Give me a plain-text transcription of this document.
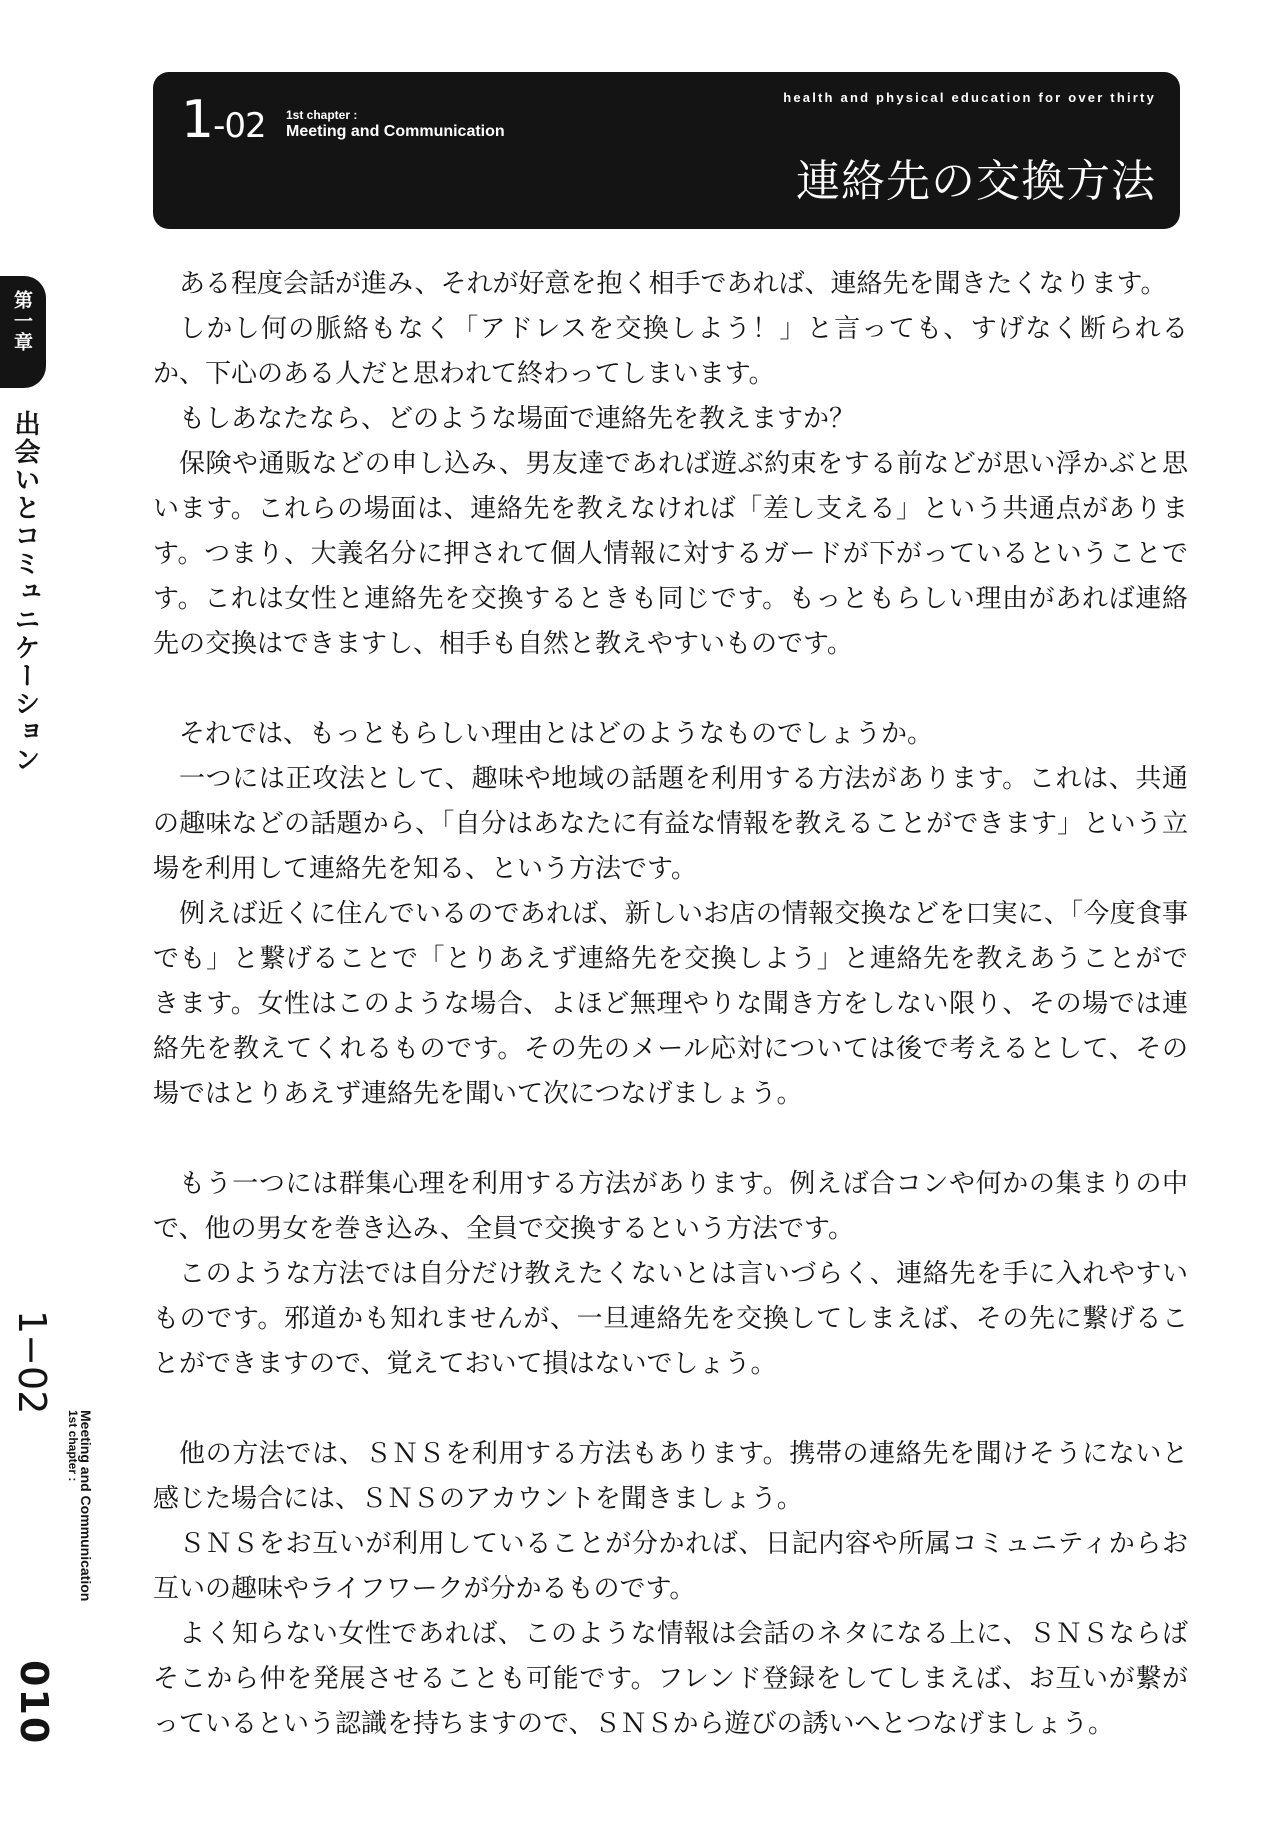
1-02 1st chapter :
Meeting and Communication
health and physical education for over thirty
連絡先の交換方法
第一章
出会いとコミュニケーション
1−02
1st chapter :
Meeting and Communication
010

ある程度会話が進み、それが好意を抱く相手であれば、連絡先を聞きたくなります。

しかし何の脈絡もなく「アドレスを交換しよう！」と言っても、すげなく断られるか、下心のある人だと思われて終わってしまいます。

もしあなたなら、どのような場面で連絡先を教えますか？

保険や通販などの申し込み、男友達であれば遊ぶ約束をする前などが思い浮かぶと思います。これらの場面は、連絡先を教えなければ「差し支える」という共通点があります。つまり、大義名分に押されて個人情報に対するガードが下がっているということです。これは女性と連絡先を交換するときも同じです。もっともらしい理由があれば連絡先の交換はできますし、相手も自然と教えやすいものです。

それでは、もっともらしい理由とはどのようなものでしょうか。

一つには正攻法として、趣味や地域の話題を利用する方法があります。これは、共通の趣味などの話題から、「自分はあなたに有益な情報を教えることができます」という立場を利用して連絡先を知る、という方法です。

例えば近くに住んでいるのであれば、新しいお店の情報交換などを口実に、「今度食事でも」と繋げることで「とりあえず連絡先を交換しよう」と連絡先を教えあうことができます。女性はこのような場合、よほど無理やりな聞き方をしない限り、その場では連絡先を教えてくれるものです。その先のメール応対については後で考えるとして、その場ではとりあえず連絡先を聞いて次につなげましょう。

もう一つには群集心理を利用する方法があります。例えば合コンや何かの集まりの中で、他の男女を巻き込み、全員で交換するという方法です。

このような方法では自分だけ教えたくないとは言いづらく、連絡先を手に入れやすいものです。邪道かも知れませんが、一旦連絡先を交換してしまえば、その先に繋げることができますので、覚えておいて損はないでしょう。

他の方法では、ＳＮＳを利用する方法もあります。携帯の連絡先を聞けそうにないと感じた場合には、ＳＮＳのアカウントを聞きましょう。

ＳＮＳをお互いが利用していることが分かれば、日記内容や所属コミュニティからお互いの趣味やライフワークが分かるものです。

よく知らない女性であれば、このような情報は会話のネタになる上に、ＳＮＳならばそこから仲を発展させることも可能です。フレンド登録をしてしまえば、お互いが繋がっているという認識を持ちますので、ＳＮＳから遊びの誘いへとつなげましょう。
